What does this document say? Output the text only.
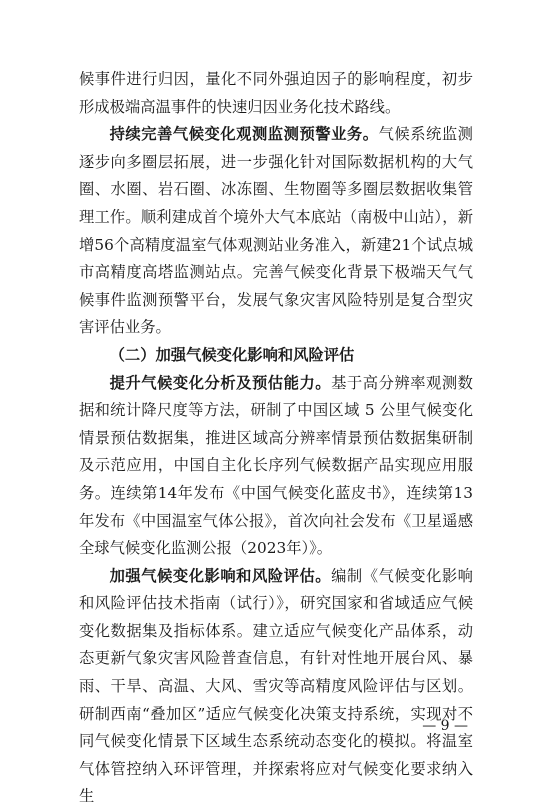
候事件进行归因，量化不同外强迫因子的影响程度，初步形成极端高温事件的快速归因业务化技术路线。

持续完善气候变化观测监测预警业务。气候系统监测逐步向多圈层拓展，进一步强化针对国际数据机构的大气圈、水圈、岩石圈、冰冻圈、生物圈等多圈层数据收集管理工作。顺利建成首个境外大气本底站（南极中山站），新增56个高精度温室气体观测站业务准入，新建21个试点城市高精度高塔监测站点。完善气候变化背景下极端天气气候事件监测预警平台，发展气象灾害风险特别是复合型灾害评估业务。

（二）加强气候变化影响和风险评估

提升气候变化分析及预估能力。基于高分辨率观测数据和统计降尺度等方法，研制了中国区域 5 公里气候变化情景预估数据集，推进区域高分辨率情景预估数据集研制及示范应用，中国自主化长序列气候数据产品实现应用服务。连续第14年发布《中国气候变化蓝皮书》，连续第13年发布《中国温室气体公报》，首次向社会发布《卫星遥感全球气候变化监测公报（2023年）》。

加强气候变化影响和风险评估。编制《气候变化影响和风险评估技术指南（试行）》，研究国家和省域适应气候变化数据集及指标体系。建立适应气候变化产品体系，动态更新气象灾害风险普查信息，有针对性地开展台风、暴雨、干旱、高温、大风、雪灾等高精度风险评估与区划。研制西南“叠加区”适应气候变化决策支持系统，实现对不同气候变化情景下区域生态系统动态变化的模拟。将温室气体管控纳入环评管理，并探索将应对气候变化要求纳入生

— 9 —
